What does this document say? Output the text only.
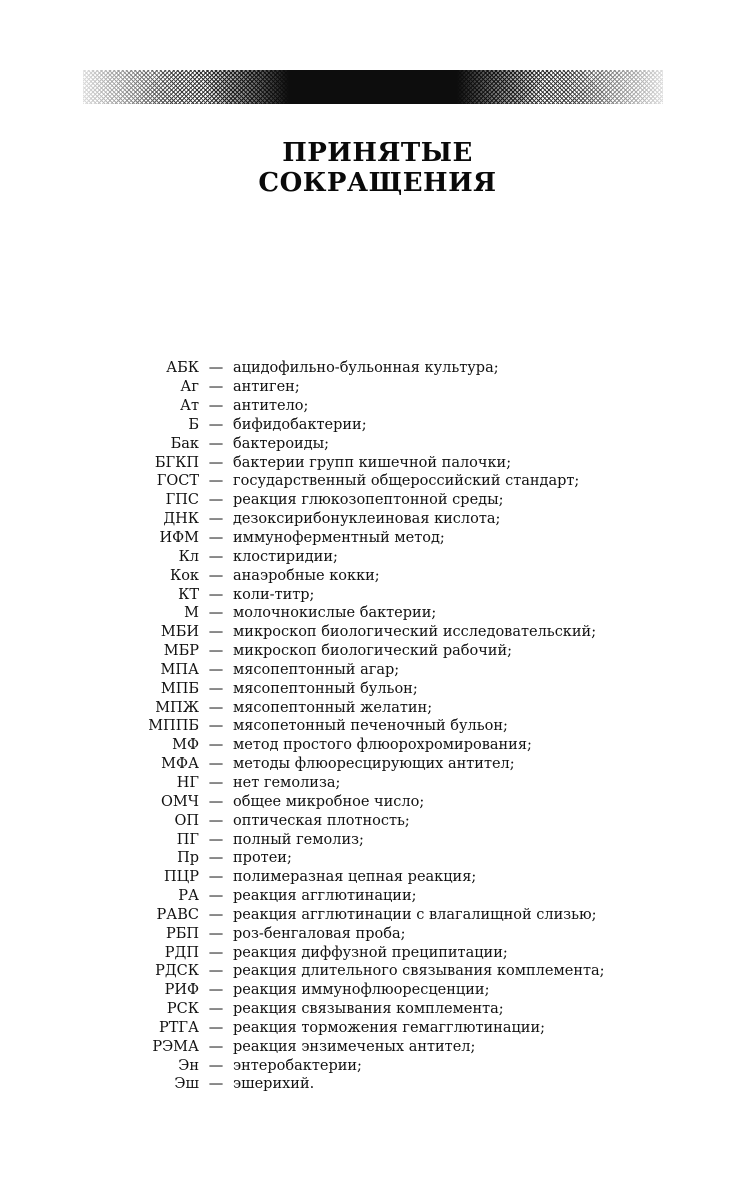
ПРИНЯТЫЕ
СОКРАЩЕНИЯ
АБК — ацидофильно-бульонная культура;
Аг — антиген;
Ат — антитело;
Б — бифидобактерии;
Бак — бактероиды;
БГКП — бактерии групп кишечной палочки;
ГОСТ — государственный общероссийский стандарт;
ГПС — реакция глюкозопептонной среды;
ДНК — дезоксирибонуклеиновая кислота;
ИФМ — иммуноферментный метод;
Кл — клостиридии;
Кок — анаэробные кокки;
КТ — коли-титр;
М — молочнокислые бактерии;
МБИ — микроскоп биологический исследовательский;
МБР — микроскоп биологический рабочий;
МПА — мясопептонный агар;
МПБ — мясопептонный бульон;
МПЖ — мясопептонный желатин;
МППБ — мясопетонный печеночный бульон;
МФ — метод простого флюорохромирования;
МФА — методы флюоресцирующих антител;
НГ — нет гемолиза;
ОМЧ — общее микробное число;
ОП — оптическая плотность;
ПГ — полный гемолиз;
Пр — протеи;
ПЦР — полимеразная цепная реакция;
РА — реакция агглютинации;
РАВС — реакция агглютинации с влагалищной слизью;
РБП — роз-бенгаловая проба;
РДП — реакция диффузной преципитации;
РДСК — реакция длительного связывания комплемента;
РИФ — реакция иммунофлюоресценции;
РСК — реакция связывания комплемента;
РТГА — реакция торможения гемагглютинации;
РЭМА — реакция энзимеченых антител;
Эн — энтеробактерии;
Эш — эшерихий.
